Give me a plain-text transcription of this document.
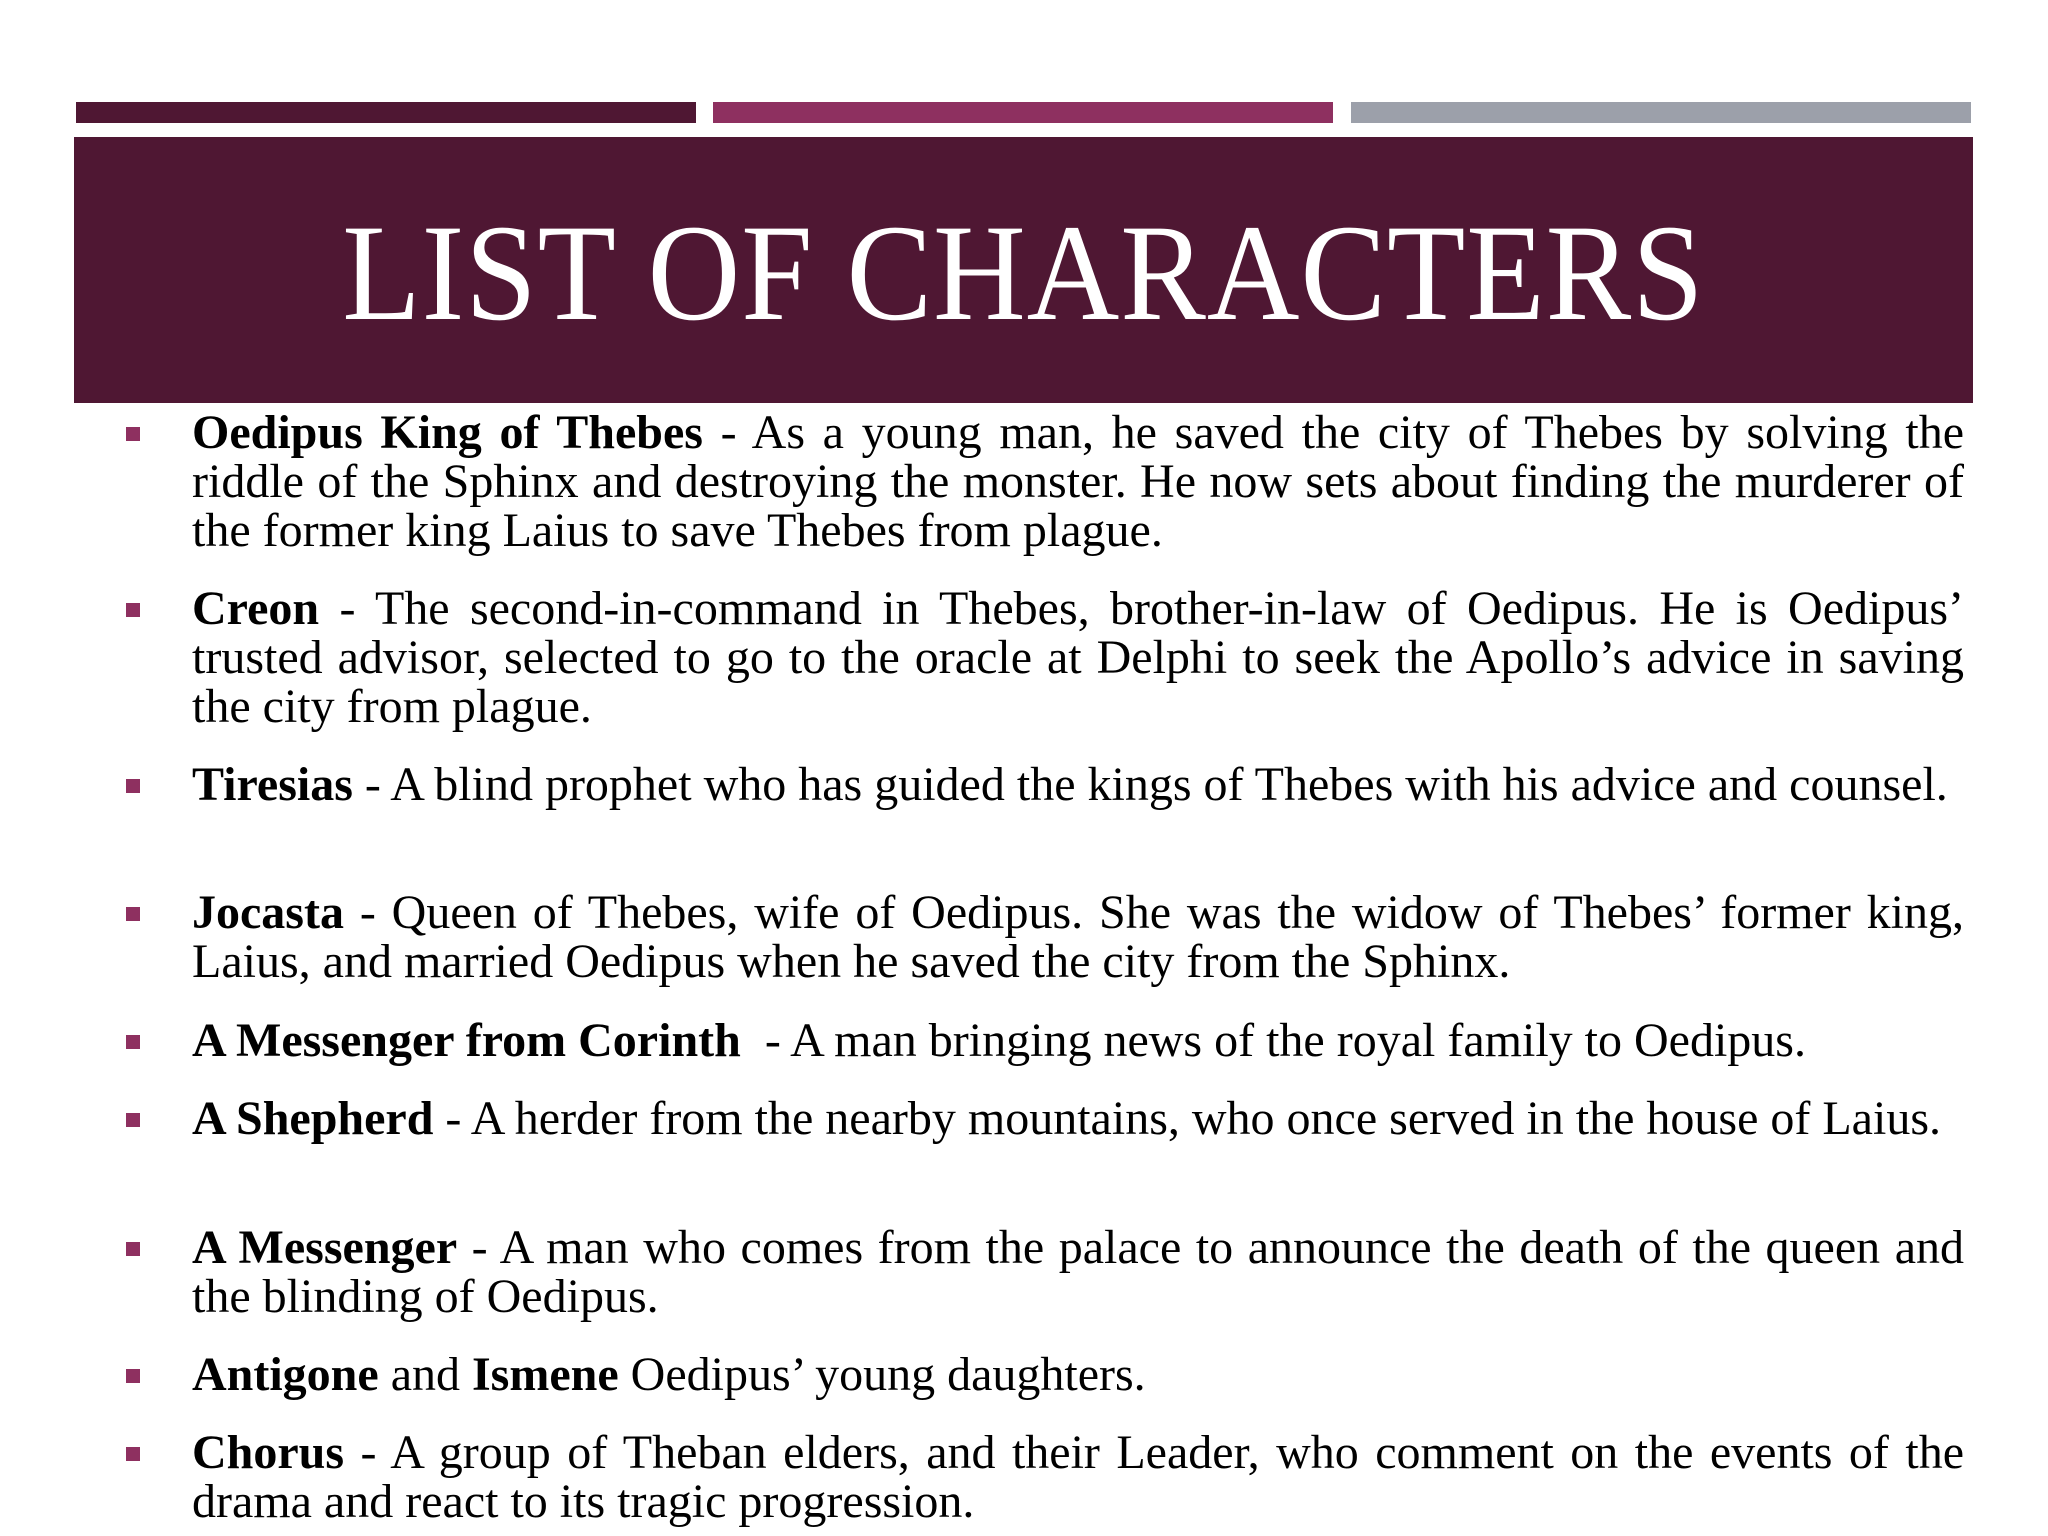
LIST OF CHARACTERS
Oedipus King of Thebes - As a young man, he saved the city of Thebes by solving the riddle of the Sphinx and destroying the monster. He now sets about finding the murderer of the former king Laius to save Thebes from plague.
Creon - The second-in-command in Thebes, brother-in-law of Oedipus. He is Oedipus’ trusted advisor, selected to go to the oracle at Delphi to seek the Apollo’s advice in saving the city from plague.
Tiresias - A blind prophet who has guided the kings of Thebes with his advice and counsel.
Jocasta - Queen of Thebes, wife of Oedipus. She was the widow of Thebes’ former king, Laius, and married Oedipus when he saved the city from the Sphinx.
A Messenger from Corinth  - A man bringing news of the royal family to Oedipus.
A Shepherd - A herder from the nearby mountains, who once served in the house of Laius.
A Messenger - A man who comes from the palace to announce the death of the queen and the blinding of Oedipus.
Antigone and Ismene Oedipus’ young daughters.
Chorus - A group of Theban elders, and their Leader, who comment on the events of the drama and react to its tragic progression.
